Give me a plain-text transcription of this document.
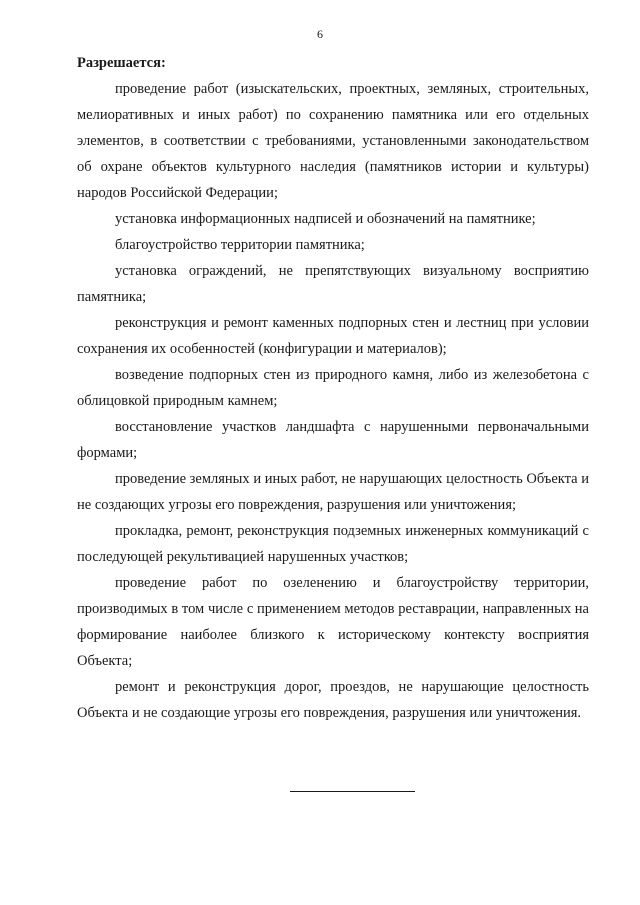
6

Разрешается:

проведение работ (изыскательских, проектных, земляных, строительных, мелиоративных и иных работ) по сохранению памятника или его отдельных элементов, в соответствии с требованиями, установленными законодательством об охране объектов культурного наследия (памятников истории и культуры) народов Российской Федерации;

установка информационных надписей и обозначений на памятнике;

благоустройство территории памятника;

установка ограждений, не препятствующих визуальному восприятию памятника;

реконструкция и ремонт каменных подпорных стен и лестниц при условии сохранения их особенностей (конфигурации и материалов);

возведение подпорных стен из природного камня, либо из железобетона с облицовкой природным камнем;

восстановление участков ландшафта с нарушенными первоначальными формами;

проведение земляных и иных работ, не нарушающих целостность Объекта и не создающих угрозы его повреждения, разрушения или уничтожения;

прокладка, ремонт, реконструкция подземных инженерных коммуникаций с последующей рекультивацией нарушенных участков;

проведение работ по озеленению и благоустройству территории, производимых в том числе с применением методов реставрации, направленных на формирование наиболее близкого к историческому контексту восприятия Объекта;

ремонт и реконструкция дорог, проездов, не нарушающие целостность Объекта и не создающие угрозы его повреждения, разрушения или уничтожения.
